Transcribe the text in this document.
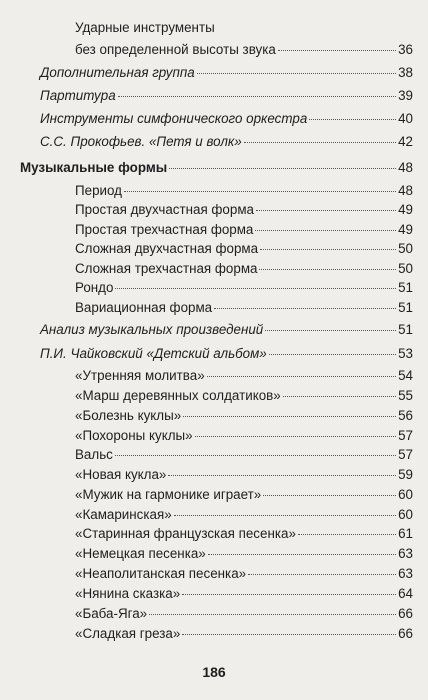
Ударные инструменты
без определенной высоты звука	36
Дополнительная группа	38
Партитура	39
Инструменты симфонического оркестра	40
С.С. Прокофьев. «Петя и волк»	42
Музыкальные формы	48
Период	48
Простая двухчастная форма	49
Простая трехчастная форма	49
Сложная двухчастная форма	50
Сложная трехчастная форма	50
Рондо	51
Вариационная форма	51
Анализ музыкальных произведений	51
П.И. Чайковский «Детский альбом»	53
«Утренняя молитва»	54
«Марш деревянных солдатиков»	55
«Болезнь куклы»	56
«Похороны куклы»	57
Вальс	57
«Новая кукла»	59
«Мужик на гармонике играет»	60
«Камаринская»	60
«Старинная французская песенка»	61
«Немецкая песенка»	63
«Неаполитанская песенка»	63
«Нянина сказка»	64
«Баба-Яга»	66
«Сладкая греза»	66
186
